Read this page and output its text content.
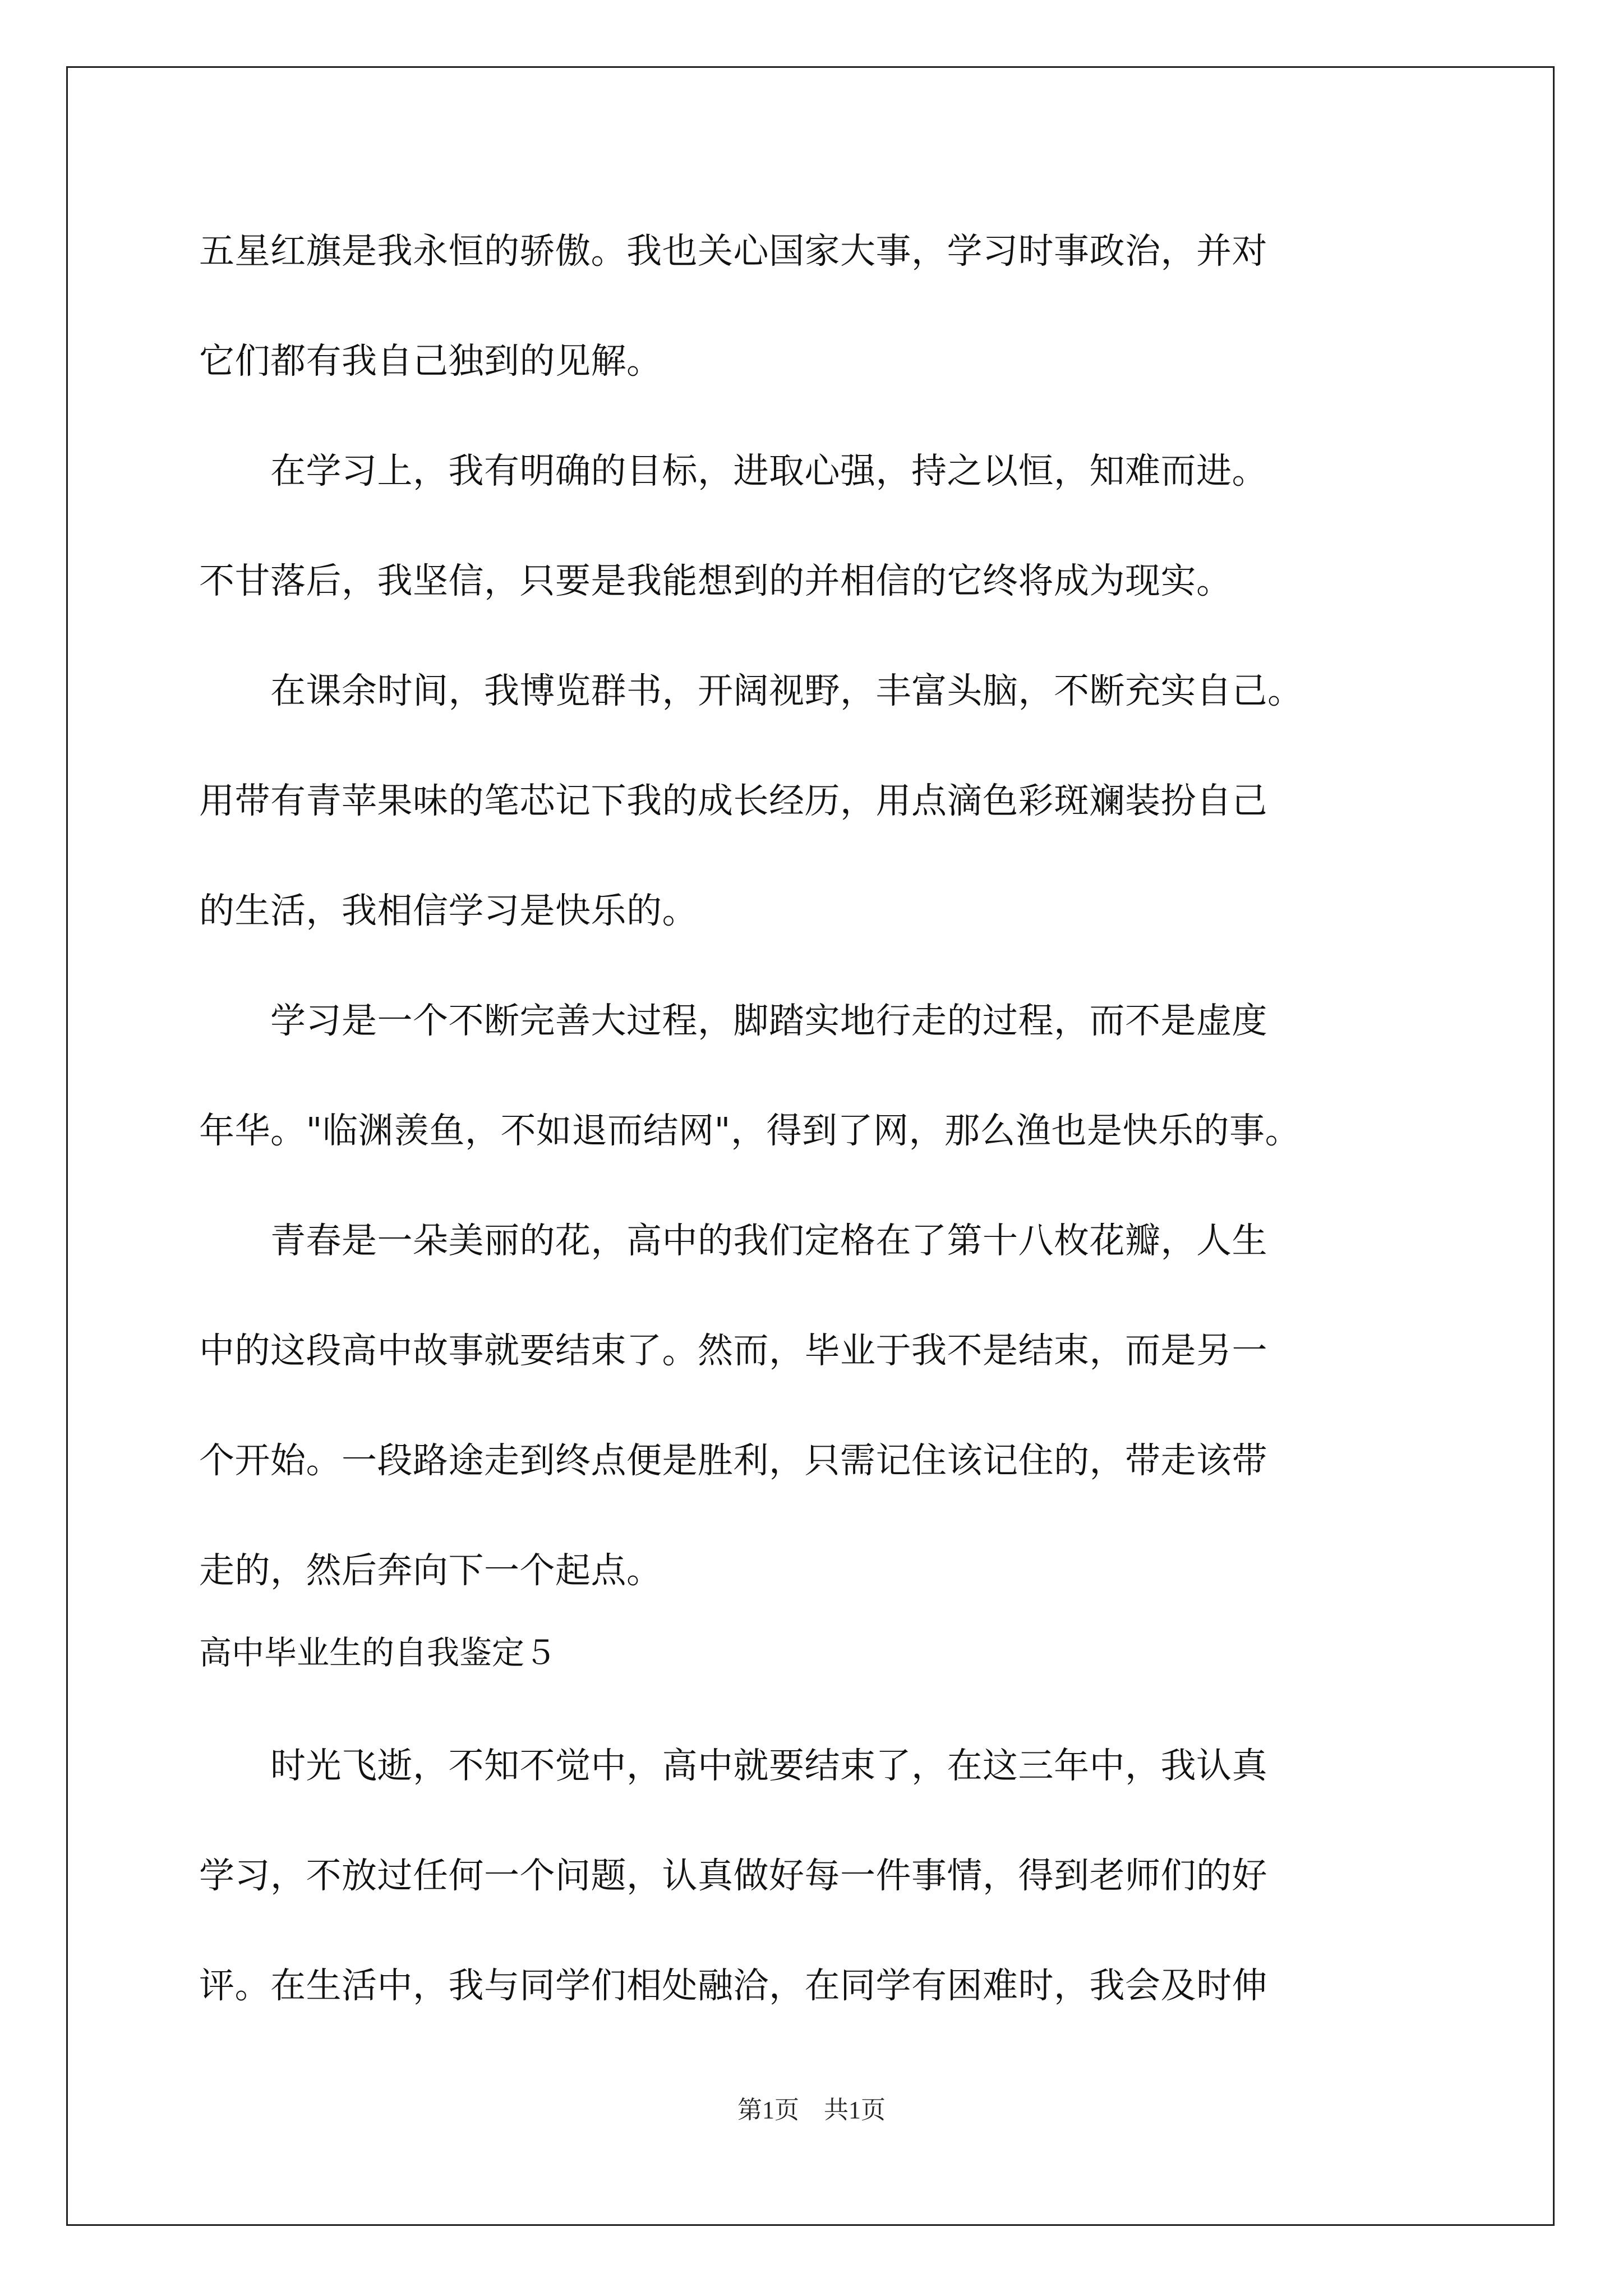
五星红旗是我永恒的骄傲。我也关心国家大事，学习时事政治，并对

它们都有我自己独到的见解。

　　在学习上，我有明确的目标，进取心强，持之以恒，知难而进。

不甘落后，我坚信，只要是我能想到的并相信的它终将成为现实。

　　在课余时间，我博览群书，开阔视野，丰富头脑，不断充实自己。

用带有青苹果味的笔芯记下我的成长经历，用点滴色彩斑斓装扮自己

的生活，我相信学习是快乐的。

　　学习是一个不断完善大过程，脚踏实地行走的过程，而不是虚度

年华。"临渊羡鱼，不如退而结网"，得到了网，那么渔也是快乐的事。

　　青春是一朵美丽的花，高中的我们定格在了第十八枚花瓣，人生

中的这段高中故事就要结束了。然而，毕业于我不是结束，而是另一

个开始。一段路途走到终点便是胜利，只需记住该记住的，带走该带

走的，然后奔向下一个起点。

高中毕业生的自我鉴定５

　　时光飞逝，不知不觉中，高中就要结束了，在这三年中，我认真

学习，不放过任何一个问题，认真做好每一件事情，得到老师们的好

评。在生活中，我与同学们相处融洽，在同学有困难时，我会及时伸

第1页　共1页
